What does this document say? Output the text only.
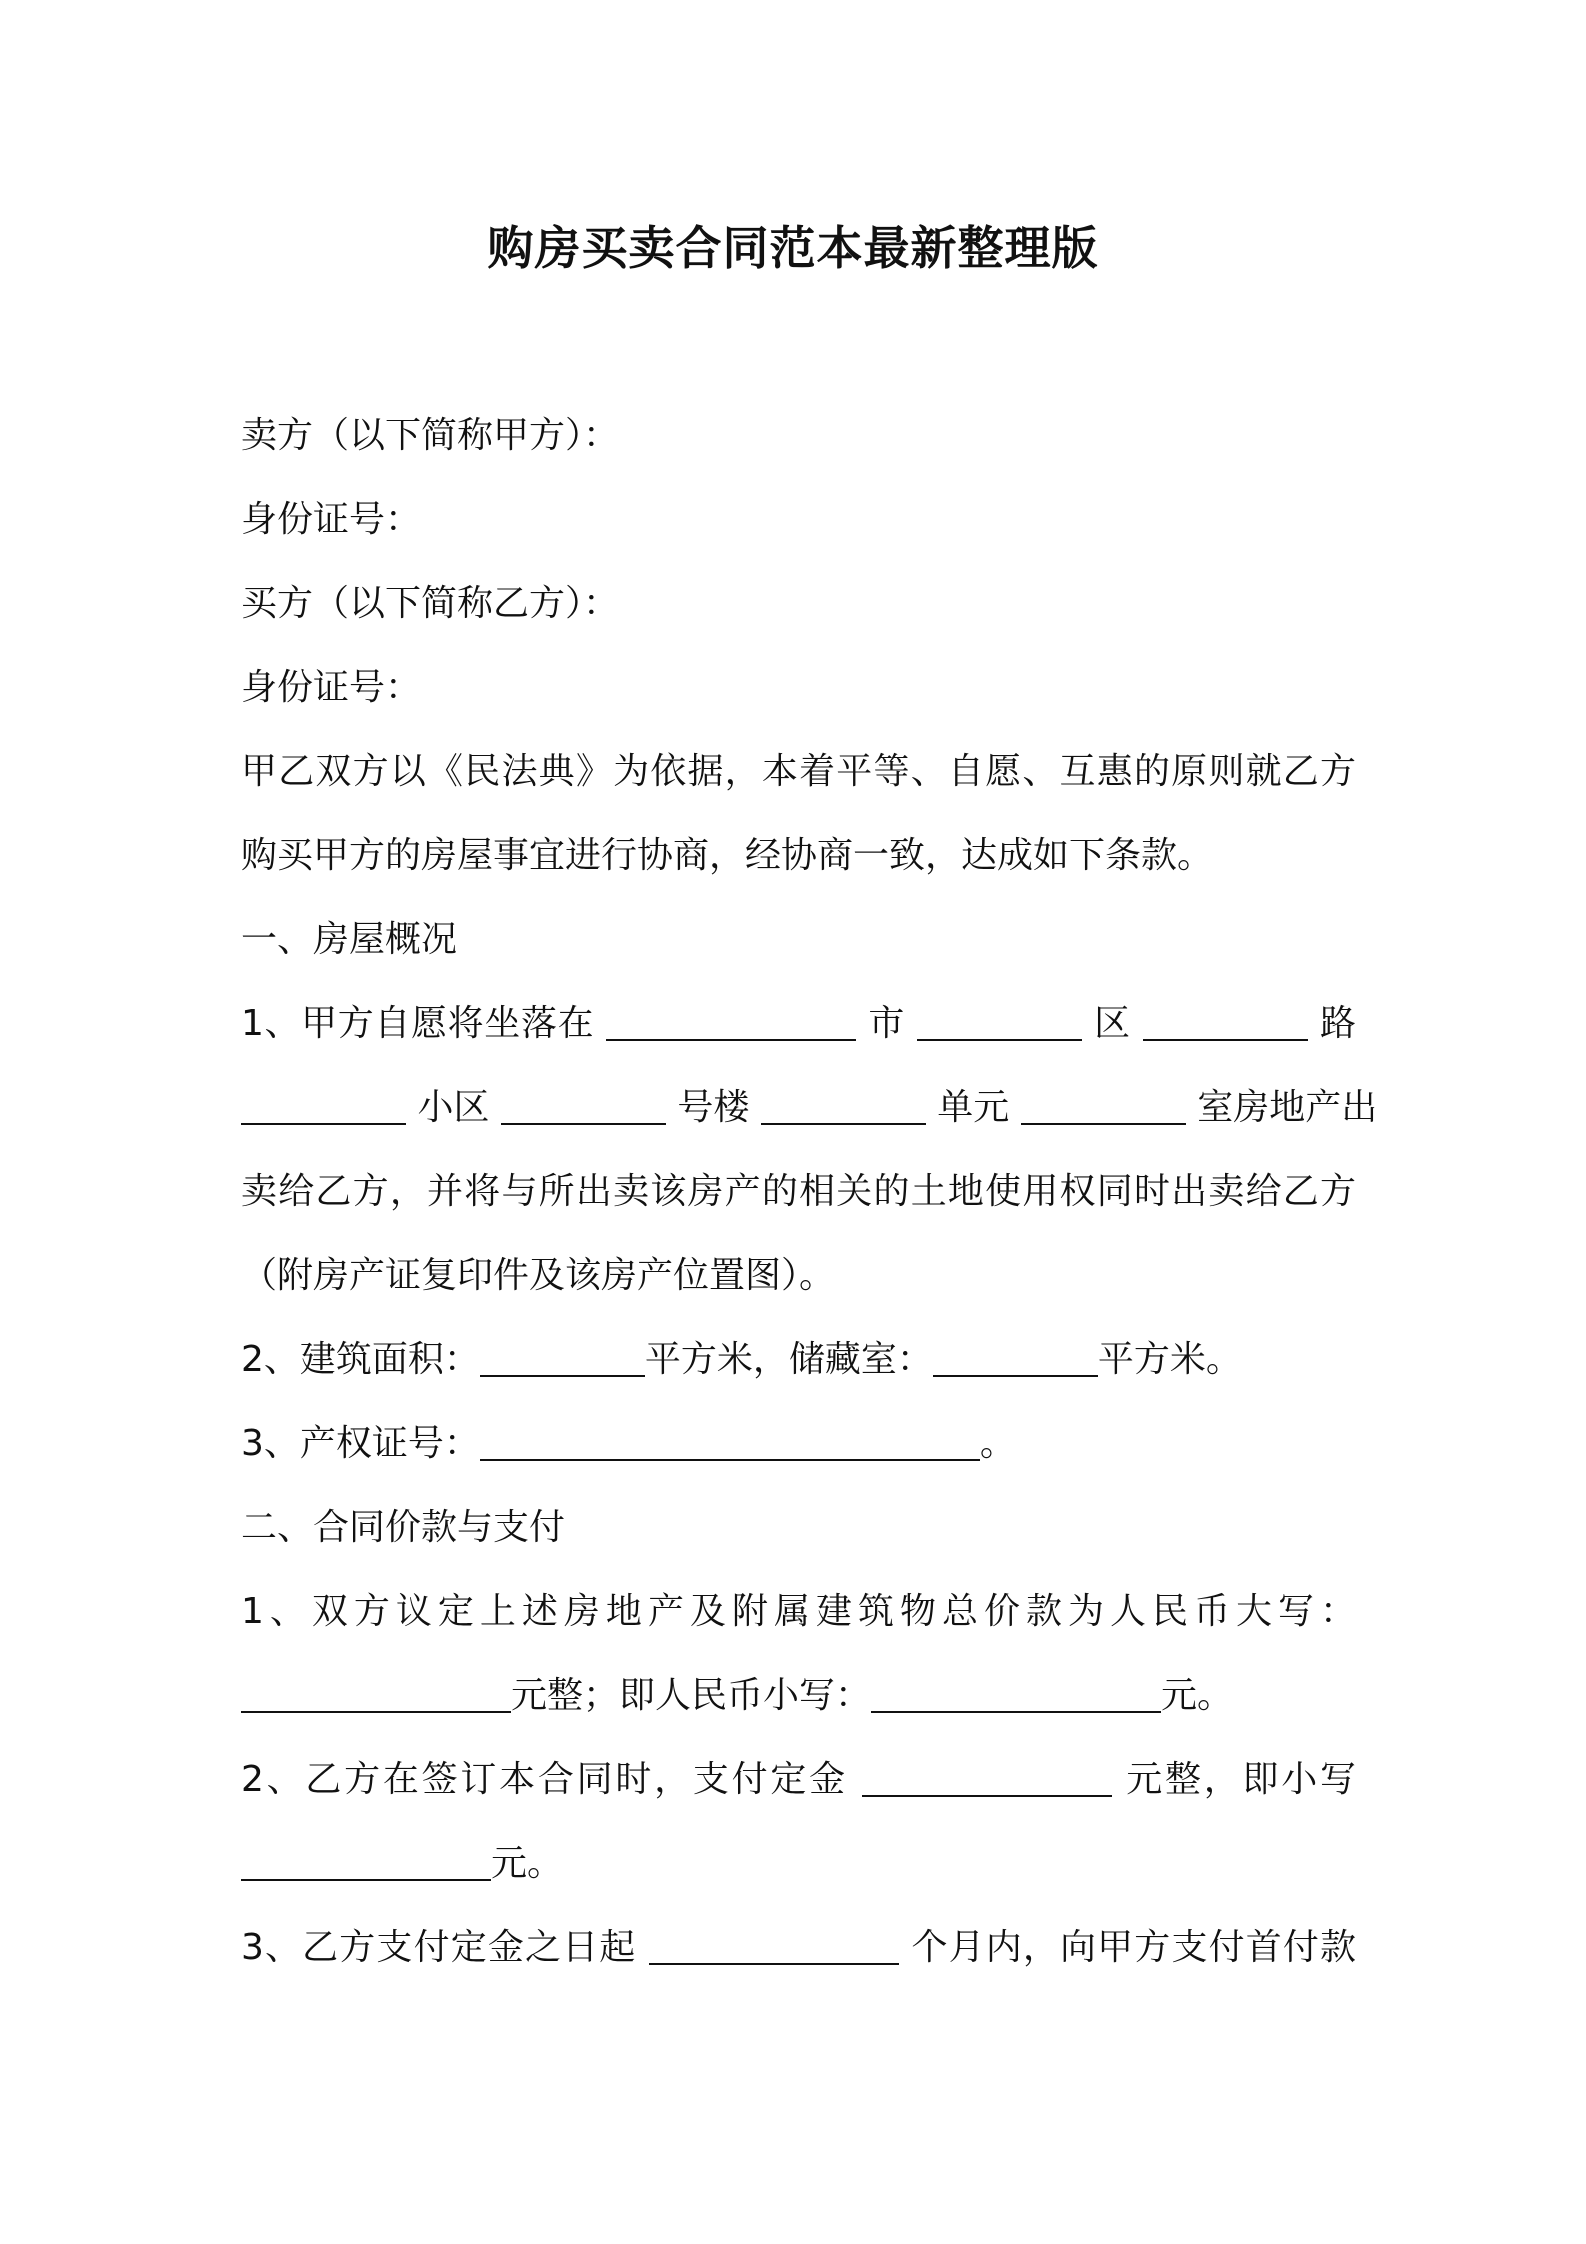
购房买卖合同范本最新整理版

卖方（以下简称甲方）：

身份证号：

买方（以下简称乙方）：

身份证号：

甲乙双方以《民法典》为依据，本着平等、自愿、互惠的原则就乙方

购买甲方的房屋事宜进行协商，经协商一致，达成如下条款。

一、房屋概况

1、甲方自愿将坐落在	市	区	路

小区	号楼	单元	室房地产出

卖给乙方，并将与所出卖该房产的相关的土地使用权同时出卖给乙方

（附房产证复印件及该房产位置图）。

2、建筑面积：	平方米，储藏室：	平方米。

3、产权证号：	。

二、合同价款与支付

1、双方议定上述房地产及附属建筑物总价款为人民币大写：

元整；即人民币小写：	元。

2、乙方在签订本合同时，支付定金	元整，即小写

元。

3、乙方支付定金之日起	个月内，向甲方支付首付款
